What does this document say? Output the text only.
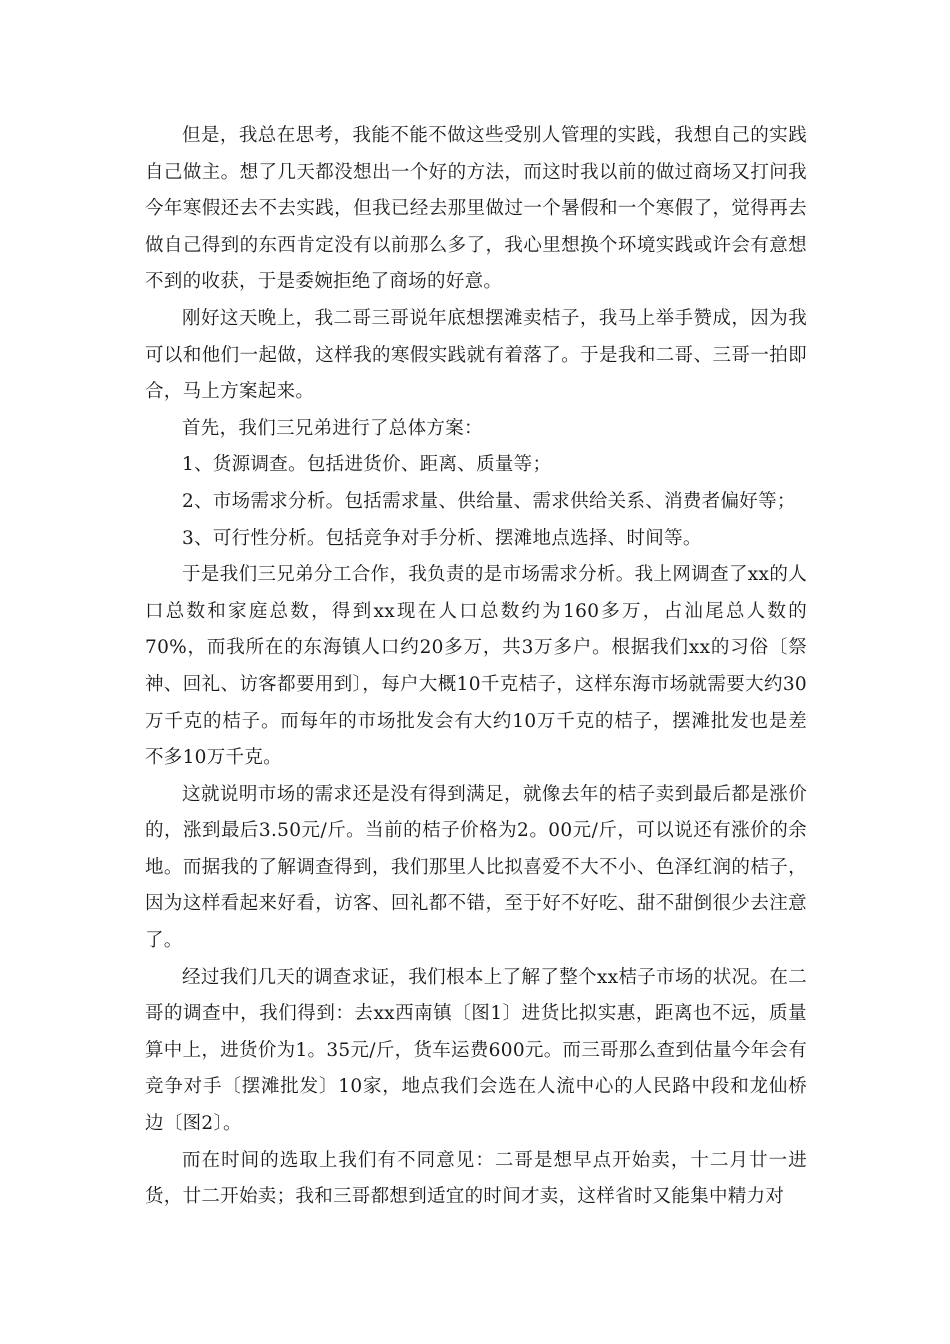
但是，我总在思考，我能不能不做这些受别人管理的实践，我想自己的实践自己做主。想了几天都没想出一个好的方法，而这时我以前的做过商场又打问我今年寒假还去不去实践，但我已经去那里做过一个暑假和一个寒假了，觉得再去做自己得到的东西肯定没有以前那么多了，我心里想换个环境实践或许会有意想不到的收获，于是委婉拒绝了商场的好意。

刚好这天晚上，我二哥三哥说年底想摆滩卖桔子，我马上举手赞成，因为我可以和他们一起做，这样我的寒假实践就有着落了。于是我和二哥、三哥一拍即合，马上方案起来。

首先，我们三兄弟进行了总体方案：

1、货源调查。包括进货价、距离、质量等；

2、市场需求分析。包括需求量、供给量、需求供给关系、消费者偏好等；

3、可行性分析。包括竞争对手分析、摆滩地点选择、时间等。

于是我们三兄弟分工合作，我负责的是市场需求分析。我上网调查了xx的人口总数和家庭总数，得到xx现在人口总数约为160多万，占汕尾总人数的70%，而我所在的东海镇人口约20多万，共3万多户。根据我们xx的习俗〔祭神、回礼、访客都要用到〕，每户大概10千克桔子，这样东海市场就需要大约30万千克的桔子。而每年的市场批发会有大约10万千克的桔子，摆滩批发也是差不多10万千克。

这就说明市场的需求还是没有得到满足，就像去年的桔子卖到最后都是涨价的，涨到最后3.50元/斤。当前的桔子价格为2。00元/斤，可以说还有涨价的余地。而据我的了解调查得到，我们那里人比拟喜爱不大不小、色泽红润的桔子，因为这样看起来好看，访客、回礼都不错，至于好不好吃、甜不甜倒很少去注意了。

经过我们几天的调查求证，我们根本上了解了整个xx桔子市场的状况。在二哥的调查中，我们得到：去xx西南镇〔图1〕进货比拟实惠，距离也不远，质量算中上，进货价为1。35元/斤，货车运费600元。而三哥那么查到估量今年会有竞争对手〔摆滩批发〕10家，地点我们会选在人流中心的人民路中段和龙仙桥边〔图2〕。

而在时间的选取上我们有不同意见：二哥是想早点开始卖，十二月廿一进货，廿二开始卖；我和三哥都想到适宜的时间才卖，这样省时又能集中精力对
